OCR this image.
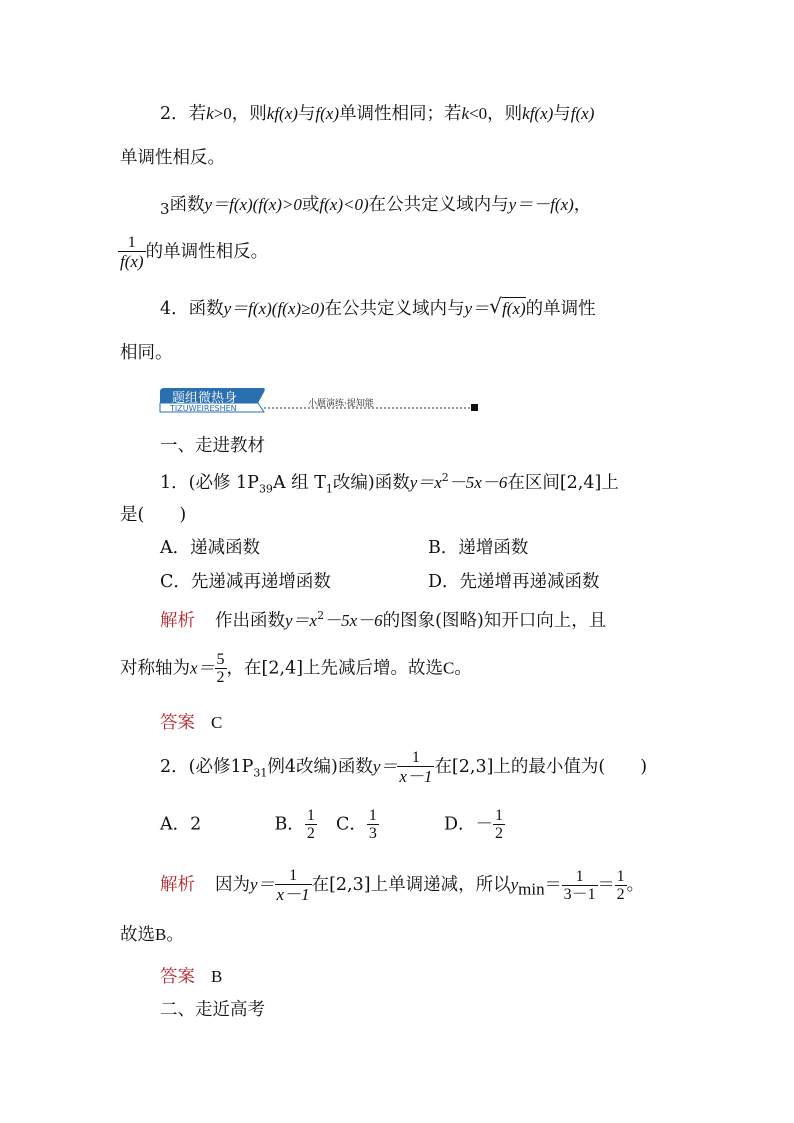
2．若k>0，则kf(x)与f(x)单调性相同；若k<0，则kf(x)与f(x)
单调性相反。
3函数y＝f(x)(f(x)>0或f(x)<0)在公共定义域内与y＝－f(x)，
$\frac{1}{f(x)}$ 的单调性相反。
4．函数y＝f(x)(f(x)≥0)在公共定义域内与y＝ √ f(x)的单调性
相同。
题组微热身
TIZUWEIRESHEN	小题演练·提知能
一、走进教材
1．(必修 $1P_{39}A$ 组 $T_1$改编)函数$y=x^2-5x-6$在区间[2,4]上
是(　　)
A．递减函数	B．递增函数
C．先递减再递增函数	D．先递增再递减函数
解析 作出函数$y=x^2-5x-6$的图象(图略)知开口向上，且
对称轴为$x= \frac{5}{2}$ ，在[2,4]上先减后增。故选C。
答案 C
2．(必修$1P_{31}$例4改编)函数$y= \frac{1}{x-1}$ 在[2,3]上的最小值为(　　)
A．2	B． $\frac{1}{2}$ C． $\frac{1}{3}$	D．－ $\frac{1}{2}$
解析 因为$y= \frac{1}{x-1}$ 在[2,3]上单调递减，所以$y_{min}= \frac{1}{3-1} = \frac{1}{2}$ 。
故选B。
答案 B
二、走近高考
